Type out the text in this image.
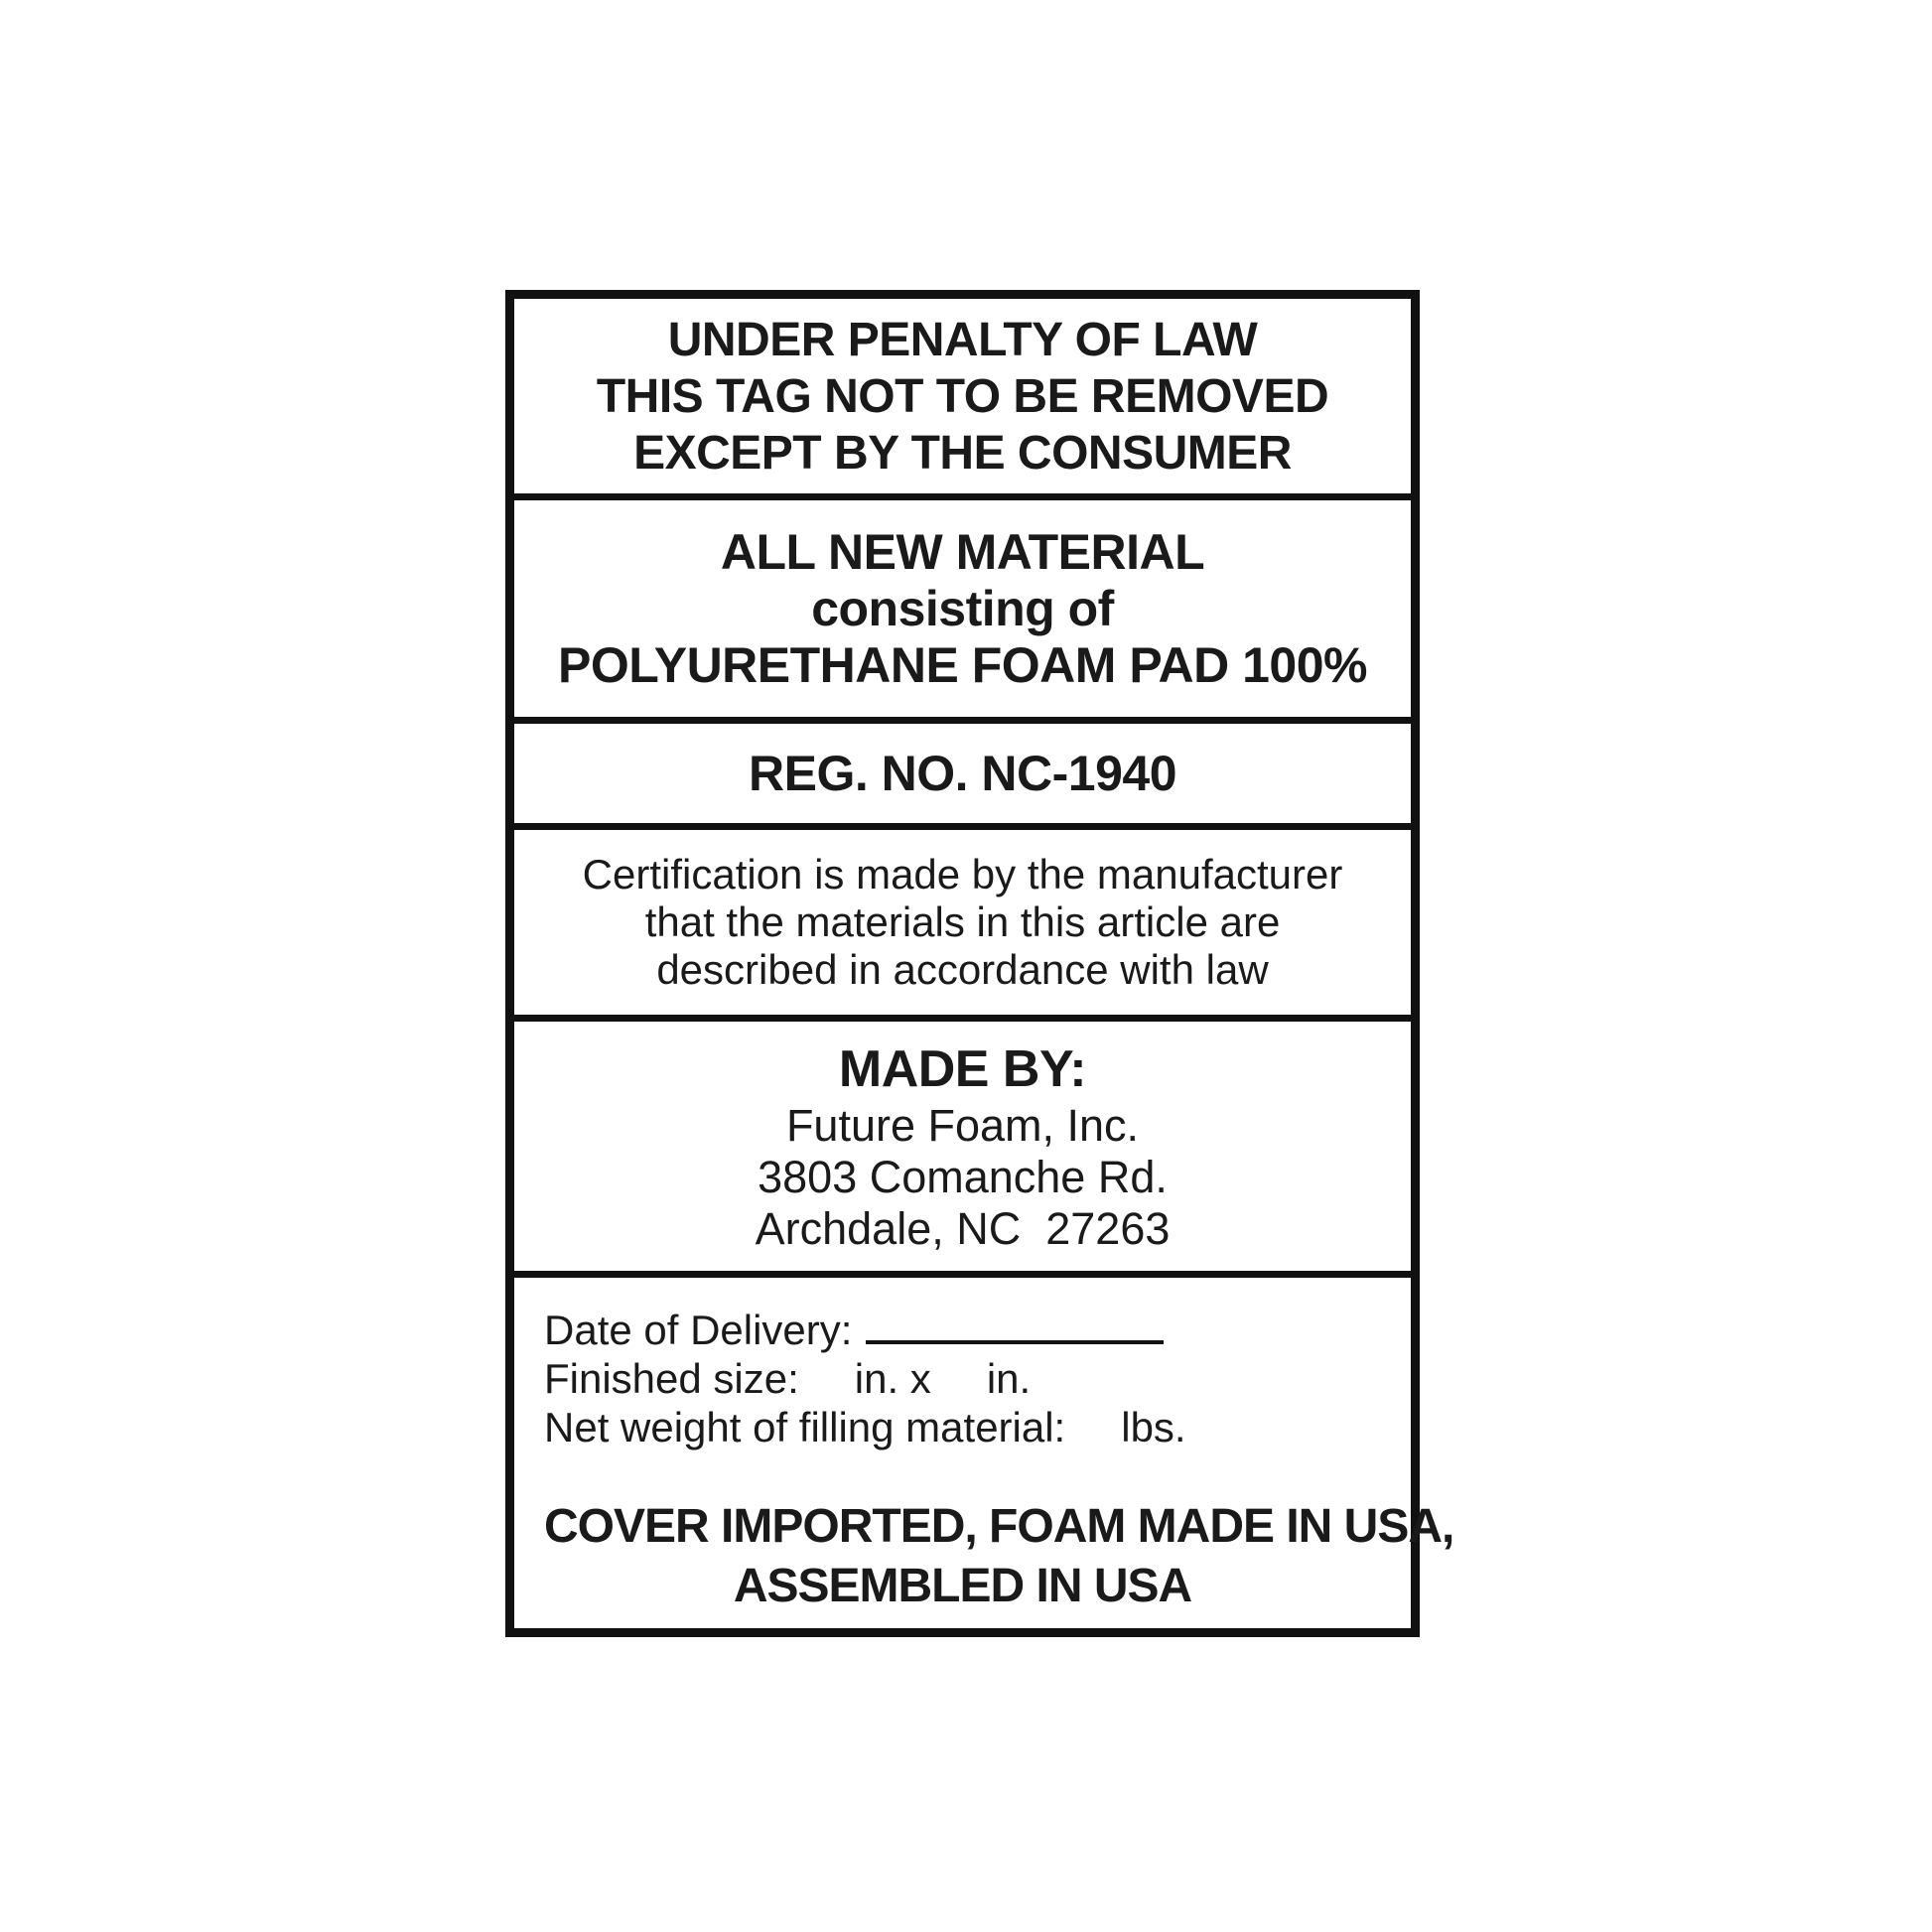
UNDER PENALTY OF LAW
THIS TAG NOT TO BE REMOVED
EXCEPT BY THE CONSUMER
ALL NEW MATERIAL
consisting of
POLYURETHANE FOAM PAD 100%
REG. NO. NC-1940
Certification is made by the manufacturer
that the materials in this article are
described in accordance with law
MADE BY:
Future Foam, Inc.
3803 Comanche Rd.
Archdale, NC  27263
Date of Delivery:
Finished size: in. x in.
Net weight of filling material: lbs.
COVER IMPORTED, FOAM MADE IN USA,
ASSEMBLED IN USA
